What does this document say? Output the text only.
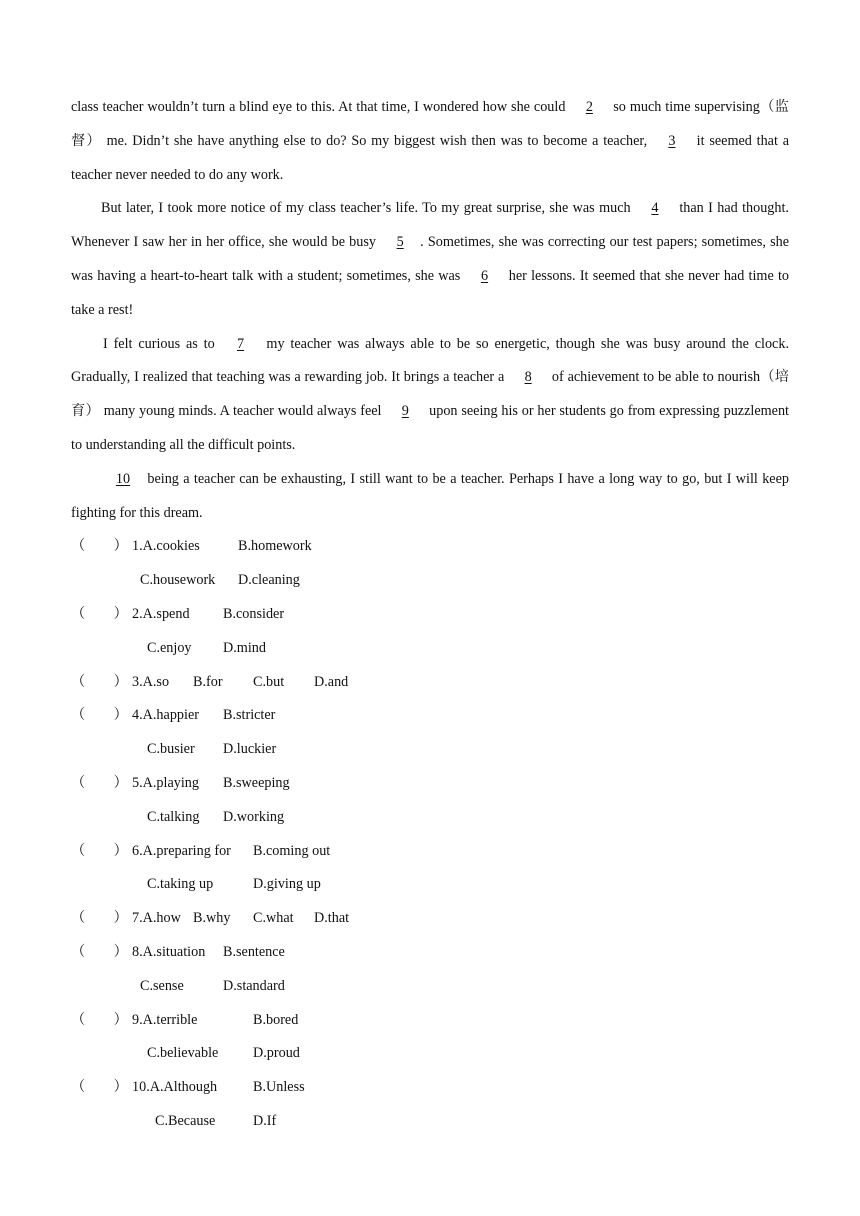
class teacher wouldn’t turn a blind eye to this. At that time, I wondered how she could 2 so much time supervising（监督） me. Didn’t she have anything else to do? So my biggest wish then was to become a teacher, 3 it seemed that a teacher never needed to do any work.

But later, I took more notice of my class teacher’s life. To my great surprise, she was much 4 than I had thought. Whenever I saw her in her office, she would be busy 5 . Sometimes, she was correcting our test papers; sometimes, she was having a heart-to-heart talk with a student; sometimes, she was 6 her lessons. It seemed that she never had time to take a rest!

I felt curious as to 7 my teacher was always able to be so energetic, though she was busy around the clock. Gradually, I realized that teaching was a rewarding job. It brings a teacher a 8 of achievement to be able to nourish（培育） many young minds. A teacher would always feel 9 upon seeing his or her students go from expressing puzzlement to understanding all the difficult points.

10 being a teacher can be exhausting, I still want to be a teacher. Perhaps I have a long way to go, but I will keep fighting for this dream.

（　　） 1.A.cookies	B.homework
C.housework D.cleaning
（　　） 2.A.spend B.consider
C.enjoy D.mind
（　　） 3.A.so B.for C.but D.and
（　　） 4.A.happier B.stricter
C.busier D.luckier
（　　） 5.A.playing B.sweeping
C.talking D.working
（　　） 6.A.preparing for B.coming out
C.taking up	D.giving up
（　　） 7.A.how B.why C.what D.that
（　　） 8.A.situation B.sentence
C.sense	D.standard
（　　） 9.A.terrible	B.bored
C.believable D.proud
（　　） 10.A.Although	B.Unless
C.Because	D.If
